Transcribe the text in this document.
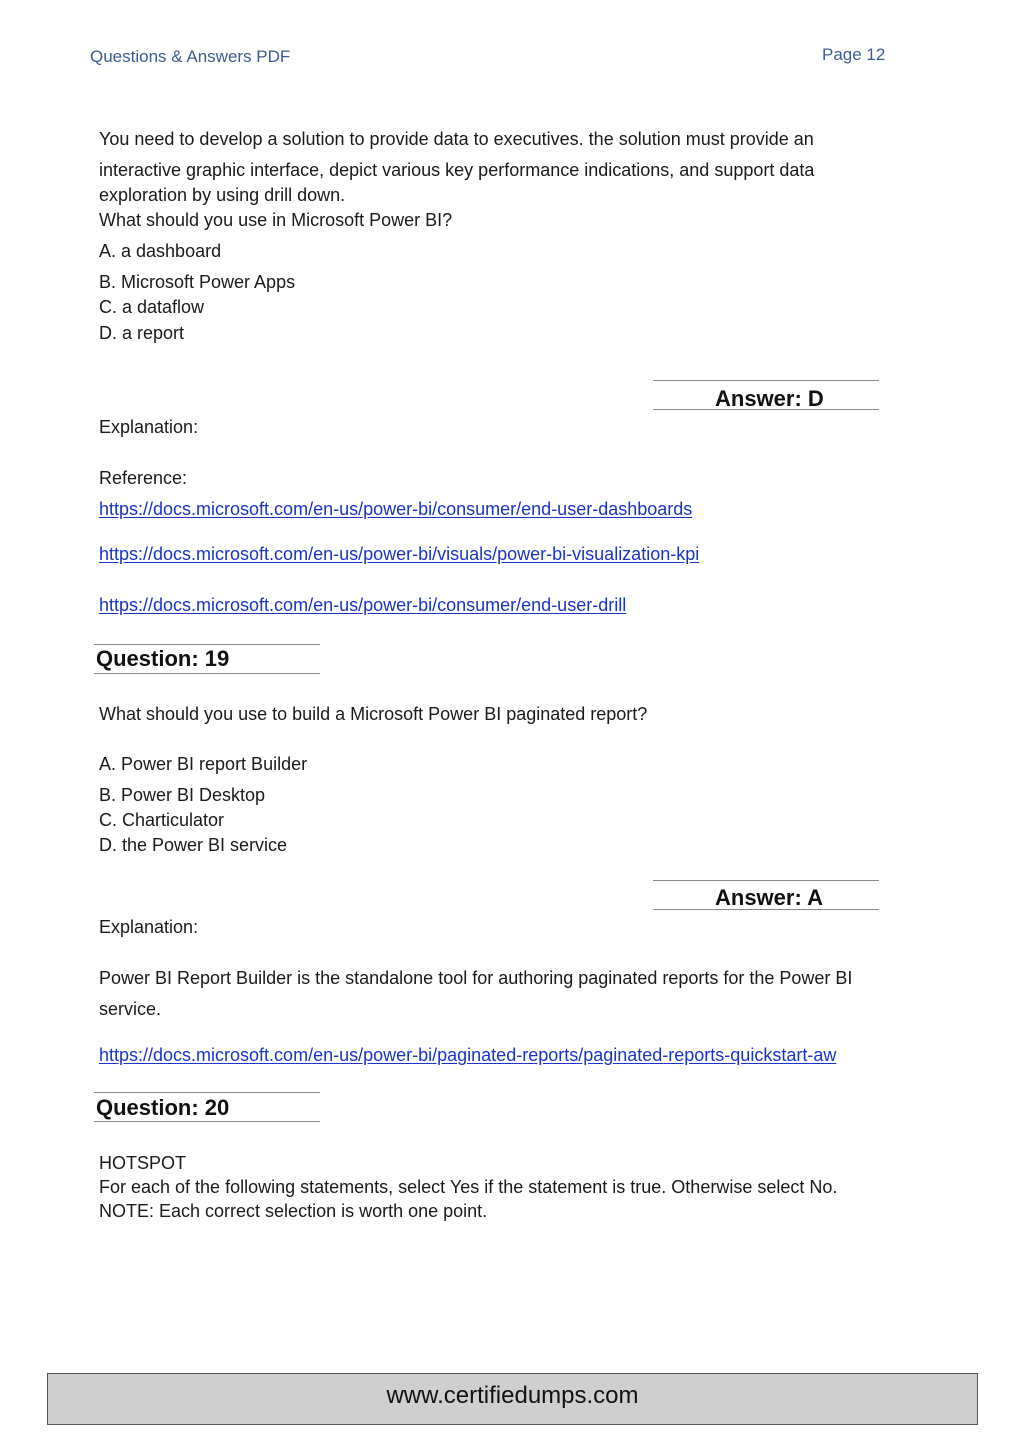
Questions & Answers PDF	Page 12
You need to develop a solution to provide data to executives. the solution must provide an
interactive graphic interface, depict various key performance indications, and support data
exploration by using drill down.
What should you use in Microsoft Power BI?
A. a dashboard
B. Microsoft Power Apps
C. a dataflow
D. a report
Answer: D
Explanation:
Reference:
https://docs.microsoft.com/en-us/power-bi/consumer/end-user-dashboards
https://docs.microsoft.com/en-us/power-bi/visuals/power-bi-visualization-kpi
https://docs.microsoft.com/en-us/power-bi/consumer/end-user-drill
Question: 19
What should you use to build a Microsoft Power BI paginated report?
A. Power BI report Builder
B. Power BI Desktop
C. Charticulator
D. the Power BI service
Answer: A
Explanation:
Power BI Report Builder is the standalone tool for authoring paginated reports for the Power BI
service.
https://docs.microsoft.com/en-us/power-bi/paginated-reports/paginated-reports-quickstart-aw
Question: 20
HOTSPOT
For each of the following statements, select Yes if the statement is true. Otherwise select No.
NOTE: Each correct selection is worth one point.
www.certifiedumps.com
